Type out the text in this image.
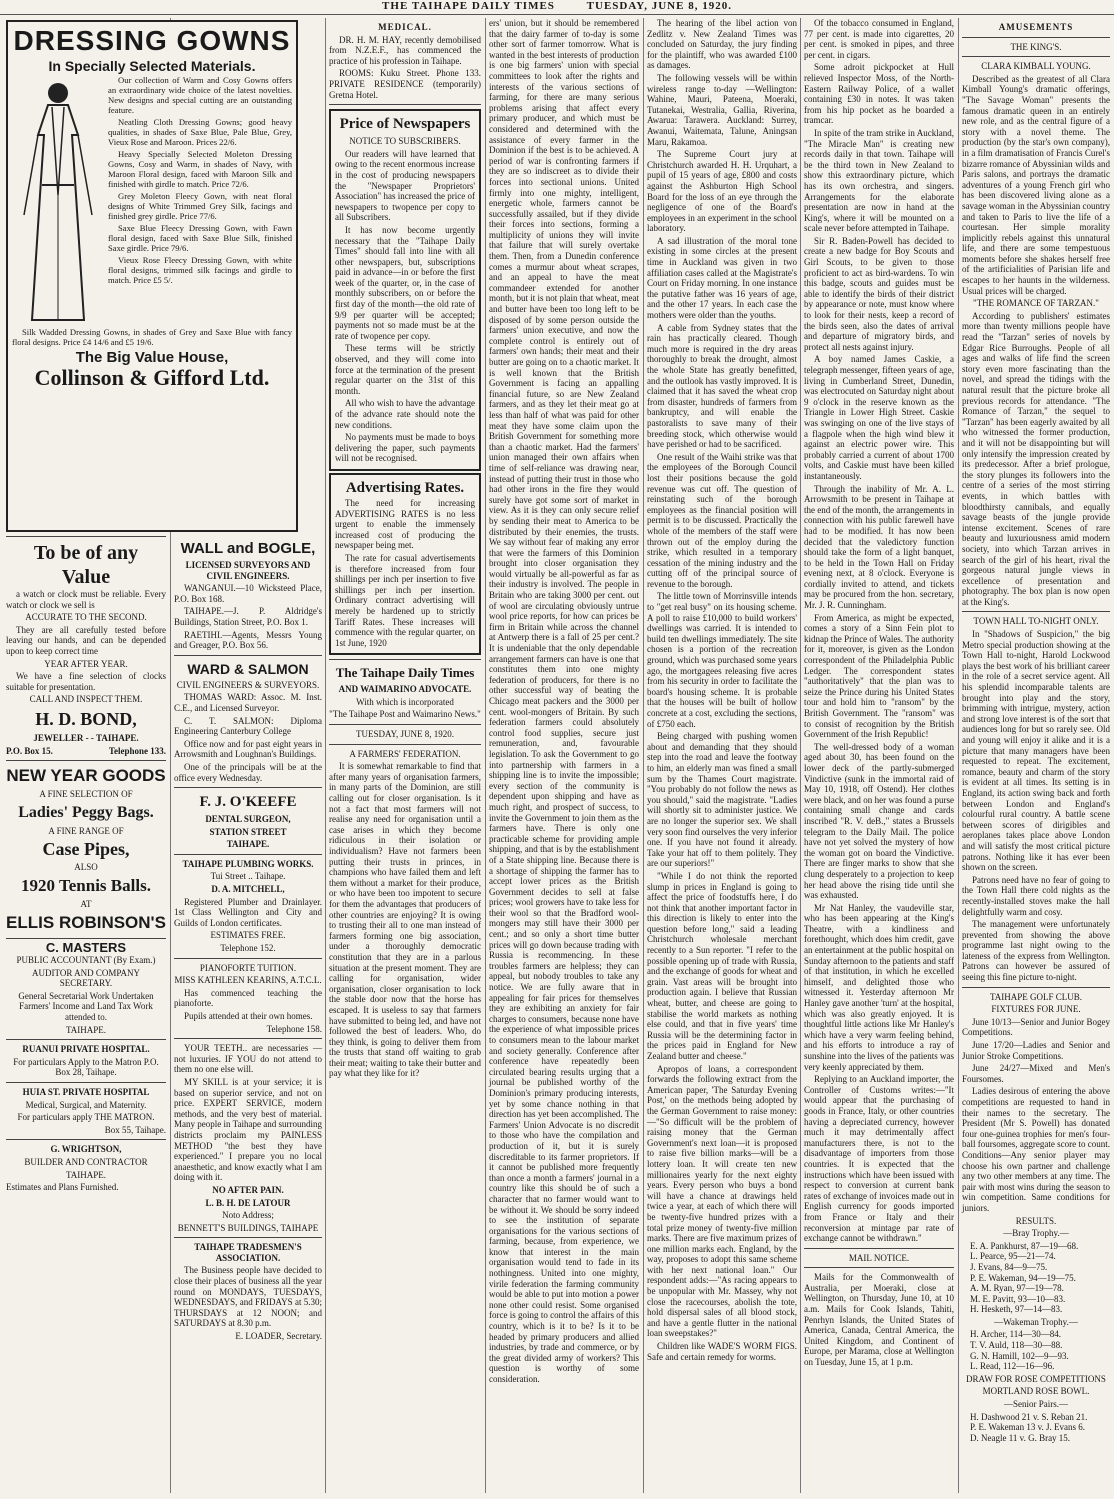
THE TAIHAPE DAILY TIMES	TUESDAY, JUNE 8, 1920.
DRESSING GOWNS
In Specially Selected Materials.

Our collection of Warm and Cosy Gowns offers an extraordinary wide choice of the latest novelties. New designs and special cutting are an outstanding feature.

Neatling Cloth Dressing Gowns; good heavy qualities, in shades of Saxe Blue, Pale Blue, Grey, Vieux Rose and Maroon. Prices 22/6.

Heavy Specially Selected Moleton Dressing Gowns, Cosy and Warm, in shades of Navy, with Maroon Floral design, faced with Maroon Silk and finished with girdle to match. Price 72/6.

Grey Moleton Fleecy Gown, with neat floral designs of White Trimmed Grey Silk, facings and finished grey girdle. Price 77/6.

Saxe Blue Fleecy Dressing Gown, with Fawn floral design, faced with Saxe Blue Silk, finished Saxe girdle. Price 79/6.

Vieux Rose Fleecy Dressing Gown, with white floral designs, trimmed silk facings and girdle to match. Price £5 5/.

Silk Wadded Dressing Gowns, in shades of Grey and Saxe Blue with fancy floral designs. Price £4 14/6 and £5 19/6.

The Big Value House,
Collinson & Gifford Ltd.
To be of any
Value

a watch or clock must be reliable. Every watch or clock we sell is

ACCURATE TO THE SECOND.

They are all carefully tested before leaving our hands, and can be depended upon to keep correct time

YEAR AFTER YEAR.

We have a fine selection of clocks suitable for presentation.

CALL AND INSPECT THEM.
H. D. BOND,
JEWELLER - - TAIHAPE.
P.O. Box 15.	Telephone 133.
NEW YEAR GOODS
A FINE SELECTION OF
Ladies' Peggy Bags.
A FINE RANGE OF
Case Pipes,
ALSO
1920 Tennis Balls.
AT
ELLIS ROBINSON'S
C. MASTERS
PUBLIC ACCOUNTANT (By Exam.)
AUDITOR AND COMPANY SECRETARY.
General Secretarial Work Undertaken Farmers' Income and Land Tax Work attended to.
TAIHAPE.
RUANUI PRIVATE HOSPITAL.
For particulars Apply to the Matron P.O. Box 28, Taihape.
HUIA ST. PRIVATE HOSPITAL
Medical, Surgical, and Maternity.
For particulars apply THE MATRON.
Box 55, Taihape.
G. WRIGHTSON,
BUILDER AND CONTRACTOR
TAIHAPE.
Estimates and Plans Furnished.
WALL and BOGLE,
LICENSED SURVEYORS AND CIVIL ENGINEERS.

WANGANUI.—10 Wicksteed Place, P.O. Box 168.

TAIHAPE.—J. P. Aldridge's Buildings, Station Street, P.O. Box 1.

RAETIHI.—Agents, Messrs Young and Greager, P.O. Box 56.

WARD & SALMON
CIVIL ENGINEERS & SURVEYORS.

THOMAS WARD: Assoc. M. Inst. C.E., and Licensed Surveyor.

C. T. SALMON: Diploma Engineering Canterbury College

Office now and for past eight years in Arrowsmith and Loughnan's Buildings.

One of the principals will be at the office every Wednesday.

F. J. O'KEEFE
DENTAL SURGEON,
STATION STREET
TAIHAPE.
TAIHAPE PLUMBING WORKS.
Tui Street .. Taihape.
D. A. MITCHELL,

Registered Plumber and Drainlayer. 1st Class Wellington and City and Guilds of London certificates.

ESTIMATES FREE.
Telephone 152.
PIANOFORTE TUITION.
MISS KATHLEEN KEARINS, A.T.C.L.

Has commenced teaching the pianoforte.

Pupils attended at their own homes.

Telephone 158.

YOUR TEETH.. are necessaries — not luxuries. IF YOU do not attend to them no one else will.

MY SKILL is at your service; it is based on superior service, and not on price. EXPERT SERVICE, modern methods, and the very best of material. Many people in Taihape and surrounding districts proclaim my PAINLESS METHOD "the best they have experienced." I prepare you no local anaesthetic, and know exactly what I am doing with it.

NO AFTER PAIN.
L. B. H. DE LATOUR
Noto Address;
BENNETT'S BUILDINGS, TAIHAPE
TAIHAPE TRADESMEN'S ASSOCIATION.

The Business people have decided to close their places of business all the year round on MONDAYS, TUESDAYS, WEDNESDAYS, and FRIDAYS at 5.30; THURSDAYS at 12 NOON; and SATURDAYS at 8.30 p.m.

E. LOADER, Secretary.
MEDICAL.

DR. H. M. HAY, recently demobilised from N.Z.E.F., has commenced the practice of his profession in Taihape.

ROOMS: Kuku Street. Phone 133. PRIVATE RESIDENCE (temporarily) Gretna Hotel.

Price of Newspapers
NOTICE TO SUBSCRIBERS.

Our readers will have learned that owing to the recent enormous increase in the cost of producing newspapers the "Newspaper Proprietors' Association" has increased the price of newspapers to twopence per copy to all Subscribers.

It has now become urgently necessary that the "Taihape Daily Times" should fall into line with all other newspapers, but, subscriptions paid in advance—in or before the first week of the quarter, or, in the case of monthly subscribers, on or before the first day of the month—the old rate of 9/9 per quarter will be accepted; payments not so made must be at the rate of twopence per copy.

These terms will be strictly observed, and they will come into force at the termination of the present regular quarter on the 31st of this month.

All who wish to have the advantage of the advance rate should note the new conditions.

No payments must be made to boys delivering the paper, such payments will not be recognised.

Advertising Rates.

The need for increasing ADVERTISING RATES is no less urgent to enable the immensely increased cost of producing the newspaper being met.

The rate for casual advertisements is therefore increased from four shillings per inch per insertion to five shillings per inch per insertion. Ordinary contract advertising will merely be hardened up to strictly Tariff Rates. These increases will commence with the regular quarter, on 1st June, 1920

The Taihape Daily Times
AND WAIMARINO ADVOCATE.
With which is incorporated
"The Taihape Post and Waimarino News."
TUESDAY, JUNE 8, 1920.
A FARMERS' FEDERATION.

It is somewhat remarkable to find that after many years of organisation farmers, in many parts of the Dominion, are still calling out for closer organisation. Is it not a fact that most farmers will not realise any need for organisation until a case arises in which they become ridiculous in their isolation or individualism? Have not farmers been putting their trusts in princes, in champions who have failed them and left them without a market for their produce, or who have been too impotent to secure for them the advantages that producers of other countries are enjoying? It is owing to trusting their all to one man instead of farmers forming one big association, under a thoroughly democratic constitution that they are in a parlous situation at the present moment. They are calling for organisation, wider organisation, closer organisation to lock the stable door now that the horse has escaped. It is useless to say that farmers have submitted to being led, and have not followed the best of leaders. Who, do they think, is going to deliver them from the trusts that stand off waiting to grab their meat; waiting to take their butter and pay what they like for it?

ers' union, but it should be remembered that the dairy farmer of to-day is some other sort of farmer tomorrow. What is wanted in the best interests of production is one big farmers' union with special committees to look after the rights and interests of the various sections of farming, for there are many serious problems arising that affect every primary producer, and which must be considered and determined with the assistance of every farmer in the Dominion if the best is to be achieved. A period of war is confronting farmers if they are so indiscreet as to divide their forces into sectional unions. United firmly into one mighty, intelligent, energetic whole, farmers cannot be successfully assailed, but if they divide their forces into sections, forming a multiplicity of unions they will invite that failure that will surely overtake them. Then, from a Dunedin conference comes a murmur about wheat scrapes, and an appeal to have the meat commandeer extended for another month, but it is not plain that wheat, meat and butter have been too long left to be disposed of by some person outside the farmers' union executive, and now the complete control is entirely out of farmers' own hands; their meat and their butter are going on to a chaotic market. It is well known that the British Government is facing an appalling financial future, so are New Zealand farmers, and as they let their meat go at less than half of what was paid for other meat they have some claim upon the British Government for something more than a chaotic market. Had the farmers' union managed their own affairs when time of self-reliance was drawing near, instead of putting their trust in those who had other irons in the fire they would surely have got some sort of market in view. As it is they can only secure relief by sending their meat to America to be distributed by their enemies, the trusts. We say without fear of making any error that were the farmers of this Dominion brought into closer organisation they would virtually be all-powerful as far as their industry is involved. The people in Britain who are taking 3000 per cent. out of wool are circulating obviously untrue wool price reports, for how can prices be firm in Britain while across the channel at Antwerp there is a fall of 25 per cent.? It is undeniable that the only dependable arrangement farmers can have is one that constitutes them into one mighty federation of producers, for there is no other successful way of beating the Chicago meat packers and the 3000 per cent. wool-mongers of Britain. By such federation farmers could absolutely control food supplies, secure just remuneration, and, favourable legislation. To ask the Government to go into partnership with farmers in a shipping line is to invite the impossible; every section of the community is dependent upon shipping and have as much right, and prospect of success, to invite the Government to join them as the farmers have. There is only one practicable scheme for providing ample shipping, and that is by the establishment of a State shipping line. Because there is a shortage of shipping the farmer has to accept lower prices as the British Government decides to sell at false prices; wool growers have to take less for their wool so that the Bradford wool-mongers may still have their 3000 per cent.; and so only a short time butter prices will go down because trading with Russia is recommencing. In these troubles farmers are helpless; they can appeal, but nobody troubles to take any notice. We are fully aware that in appealing for fair prices for themselves they are exhibiting an anxiety for fair charges to consumers, because none have the experience of what impossible prices to consumers mean to the labour market and society generally. Conference after conference have repeatedly been circulated bearing results urging that a journal be published worthy of the Dominion's primary producing interests, yet by some chance nothing in that direction has yet been accomplished. The Farmers' Union Advocate is no discredit to those who have the compilation and production of it, but it is surely discreditable to its farmer proprietors. If it cannot be published more frequently than once a month a farmers' journal in a country like this should be of such a character that no farmer would want to be without it. We should be sorry indeed to see the institution of separate organisations for the various sections of farming, because, from experience, we know that interest in the main organisation would tend to fade in its nothingness. United into one mighty, virile federation the farming community would be able to put into motion a power none other could resist. Some organised force is going to control the affairs of this country, which is it to be? Is it to be headed by primary producers and allied industries, by trade and commerce, or by the great divided army of workers? This question is worthy of some consideration.

The hearing of the libel action von Zedlitz v. New Zealand Times was concluded on Saturday, the jury finding for the plaintiff, who was awarded £100 as damages.

The following vessels will be within wireless range to-day —Wellington: Wahine, Mauri, Pateena, Moeraki, Tutanekai, Westralia, Gallia, Riverina, Awarua: Tarawera. Auckland: Surrey, Awanui, Waitemata, Talune, Aningsan Maru, Rakamoa.

The Supreme Court jury at Christchurch awarded H. H. Urquhart, a pupil of 15 years of age, £800 and costs against the Ashburton High School Board for the loss of an eye through the negligence of one of the Board's employees in an experiment in the school laboratory.

A sad illustration of the moral tone existing in some circles at the present time in Auckland was given in two affiliation cases called at the Magistrate's Court on Friday morning. In one instance the putative father was 16 years of age, and the other 17 years. In each case the mothers were older than the youths.

A cable from Sydney states that the rain has practically cleared. Though much more is required in the dry areas thoroughly to break the drought, almost the whole State has greatly benefitted, and the outlook has vastly improved. It is claimed that it has saved the wheat crop from disaster, hundreds of farmers from bankruptcy, and will enable the pastoralists to save many of their breeding stock, which otherwise would have perished or had to be sacrificed.

One result of the Waihi strike was that the employees of the Borough Council lost their positions because the gold revenue was cut off. The question of reinstating such of the borough employees as the financial position will permit is to be discussed. Practically the whole of the members of the staff were thrown out of the employ during the strike, which resulted in a temporary cessation of the mining industry and the cutting off of the principal source of revenue to the borough.

The little town of Morrinsville intends to "get real busy" on its housing scheme. A poll to raise £10,000 to build workers' dwellings was carried. It is intended to build ten dwellings immediately. The site chosen is a portion of the recreation ground, which was purchased some years ago, the mortgagees releasing five acres from his security in order to facilitate the board's housing scheme. It is probable that the houses will be built of hollow concrete at a cost, excluding the sections, of £750 each.

Being charged with pushing women about and demanding that they should step into the road and leave the footway to him, an elderly man was fined a small sum by the Thames Court magistrate. "You probably do not follow the news as you should," said the magistrate. "Ladies will shortly sit to administer justice. We are no longer the superior sex. We shall very soon find ourselves the very inferior one. If you have not found it already. Take your hat off to them politely. They are our superiors!"

"While I do not think the reported slump in prices in England is going to affect the price of foodstuffs here, I do not think that another important factor in this direction is likely to enter into the question before long," said a leading Christchurch wholesale merchant recently to a Sun reporter. "I refer to the possible opening up of trade with Russia, and the exchange of goods for wheat and grain. Vast areas will be brought into production again. I believe that Russian wheat, butter, and cheese are going to stabilise the world markets as nothing else could, and that in five years' time Russia will be the determining factor in the prices paid in England for New Zealand butter and cheese."

Apropos of loans, a correspondent forwards the following extract from the American paper, 'The Saturday Evening Post,' on the methods being adopted by the German Government to raise money:—"So difficult will be the problem of raising money that the German Government's next loan—it is proposed to raise five billion marks—will be a lottery loan. It will create ten new millionaires yearly for the next eighty years. Every person who buys a bond will have a chance at drawings held twice a year, at each of which there will be twenty-five hundred prizes with a total prize money of twenty-five million marks. There are five maximum prizes of one million marks each. England, by the way, proposes to adopt this same scheme with her next national loan." Our respondent adds:—"As racing appears to be unpopular with Mr. Massey, why not close the racecourses, abolish the tote, hold dispersal sales of all blood stock, and have a gentle flutter in the national loan sweepstakes?"

Children like WADE'S WORM FIGS. Safe and certain remedy for worms.

Of the tobacco consumed in England, 77 per cent. is made into cigarettes, 20 per cent. is smoked in pipes, and three per cent. in cigars.

Some adroit pickpocket at Hull relieved Inspector Moss, of the North-Eastern Railway Police, of a wallet containing £30 in notes. It was taken from his hip pocket as he boarded a tramcar.

In spite of the tram strike in Auckland, "The Miracle Man" is creating new records daily in that town. Taihape will be the third town in New Zealand to show this extraordinary picture, which has its own orchestra, and singers. Arrangements for the elaborate presentation are now in hand at the King's, where it will be mounted on a scale never before attempted in Taihape.

Sir R. Baden-Powell has decided to create a new badge for Boy Scouts and Girl Scouts, to be given to those proficient to act as bird-wardens. To win this badge, scouts and guides must be able to identify the birds of their district by appearance or note, must know where to look for their nests, keep a record of the birds seen, also the dates of arrival and departure of migratory birds, and protect all nests against injury.

A boy named James Caskie, a telegraph messenger, fifteen years of age, living in Cumberland Street, Dunedin, was electrocuted on Saturday night about 9 o'clock in the reserve known as the Triangle in Lower High Street. Caskie was swinging on one of the live stays of a flagpole when the high wind blew it against an electric power wire. This probably carried a current of about 1700 volts, and Caskie must have been killed instantaneously.

Through the inability of Mr. A. L. Arrowsmith to be present in Taihape at the end of the month, the arrangements in connection with his public farewell have had to be modified. It has now been decided that the valedictory function should take the form of a light banquet, to be held in the Town Hall on Friday evening next, at 8 o'clock. Everyone is cordially invited to attend, and tickets may be procured from the hon. secretary, Mr. J. R. Cunningham.

From America, as might be expected, comes a story of a Sinn Fein plot to kidnap the Prince of Wales. The authority for it, moreover, is given as the London correspondent of the Philadelphia Public Ledger. The correspondent states "authoritatively" that the plan was to seize the Prince during his United States tour and hold him to "ransom" by the British Government. The "ransom" was to consist of recognition by the British Government of the Irish Republic!

The well-dressed body of a woman aged about 30, has been found on the lower deck of the partly-submerged Vindictive (sunk in the immortal raid of May 10, 1918, off Ostend). Her clothes were black, and on her was found a purse containing small change and cards inscribed "R. V. deB.," states a Brussels telegram to the Daily Mail. The police have not yet solved the mystery of how the woman got on board the Vindictive. There are finger marks to show that she clung desperately to a projection to keep her head above the rising tide until she was exhausted.

Mr Nat Hanley, the vaudeville star, who has been appearing at the King's Theatre, with a kindliness and forethought, which does him credit, gave an entertainment at the public hospital on Sunday afternoon to the patients and staff of that institution, in which he excelled himself, and delighted those who witnessed it. Yesterday afternoon Mr Hanley gave another 'turn' at the hospital, which was also greatly enjoyed. It is thoughtful little actions like Mr Hanley's which have a very warm feeling behind, and his efforts to introduce a ray of sunshine into the lives of the patients was very keenly appreciated by them.

Replying to an Auckland importer, the Controller of Customs writes:—"It would appear that the purchasing of goods in France, Italy, or other countries having a depreciated currency, however much it may detrimentally affect manufacturers there, is not to the disadvantage of importers from those countries. It is expected that the instructions which have been issued with respect to conversion at current bank rates of exchange of invoices made out in English currency for goods imported from France or Italy and their reconversion at mintage par rate of exchange cannot be withdrawn."

MAIL NOTICE.

Mails for the Commonwealth of Australia, per Moeraki, close at Wellington, on Thursday, June 10, at 10 a.m. Mails for Cook Islands, Tahiti, Penrhyn Islands, the United States of America, Canada, Central America, the United Kingdom, and Continent of Europe, per Marama, close at Wellington on Tuesday, June 15, at 1 p.m.

AMUSEMENTS
THE KING'S.
CLARA KIMBALL YOUNG.

Described as the greatest of all Clara Kimball Young's dramatic offerings, "The Savage Woman" presents the famous dramatic queen in an entirely new role, and as the central figure of a story with a novel theme. The production (by the star's own company), in a film dramatisation of Francis Curel's bizarre romance of Abyssinian wilds and Paris salons, and portrays the dramatic adventures of a young French girl who has been discovered living alone as a savage woman in the Abyssinian country and taken to Paris to live the life of a courtesan. Her simple morality implicitly rebels against this unnatural life, and there are some tempestuous moments before she shakes herself free of the artificialities of Parisian life and escapes to her haunts in the wilderness. Usual prices will be charged.

"THE ROMANCE OF TARZAN."

According to publishers' estimates more than twenty millions people have read the "Tarzan" series of novels by Edgar Rice Burroughs. People of all ages and walks of life find the screen story even more fascinating than the novel, and spread the tidings with the natural result that the picture broke all previous records for attendance. "The Romance of Tarzan," the sequel to "Tarzan" has been eagerly awaited by all who witnessed the former production, and it will not be disappointing but will only intensify the impression created by its predecessor. After a brief prologue, the story plunges its followers into the centre of a series of the most stirring events, in which battles with bloodthirsty cannibals, and equally savage beasts of the jungle provide intense excitement. Scenes of rare beauty and luxuriousness amid modern society, into which Tarzan arrives in search of the girl of his heart, rival the gorgeous natural jungle views in excellence of presentation and photography. The box plan is now open at the King's.

TOWN HALL TO-NIGHT ONLY.

In "Shadows of Suspicion," the big Metro special production showing at the Town Hall to-night, Harold Lockwood plays the best work of his brilliant career in the role of a secret service agent. All his splendid incomparable talents are brought into play and the story, brimming with intrigue, mystery, action and strong love interest is of the sort that audiences long for but so rarely see. Old and young will enjoy it alike and it is a picture that many managers have been requested to repeat. The excitement, romance, beauty and charm of the story is evident at all times. Its setting is in England, its action swing back and forth between London and England's colourful rural country. A battle scene between scores of dirigibles and aeroplanes takes place above London and will satisfy the most critical picture patrons. Nothing like it has ever been shown on the screen.

Patrons need have no fear of going to the Town Hall there cold nights as the recently-installed stoves make the hall delightfully warm and cosy.

The management were unfortunately prevented from showing the above programme last night owing to the lateness of the express from Wellington. Patrons can however be assured of seeing this fine picture to-night.

TAIHAPE GOLF CLUB.
FIXTURES FOR JUNE.

June 10/13—Senior and Junior Bogey Competitions.

June 17/20—Ladies and Senior and Junior Stroke Competitions.

June 24/27—Mixed and Men's Foursomes.

Ladies desirous of entering the above competitions are requested to hand in their names to the secretary. The President (Mr S. Powell) has donated four one-guinea trophies for men's four-ball foursomes, aggregate score to count. Conditions—Any senior player may choose his own partner and challenge any two other members at any time. The pair with most wins during the season to win competition. Same conditions for juniors.

RESULTS.
—Bray Trophy.—
E. A. Pankhurst, 87—19—68.
L. Pearce, 95—21—74.
J. Evans, 84—9—75.
P. E. Wakeman, 94—19—75.
A. M. Ryan, 97—19—78.
M. E. Pavitt, 93—10—83.
H. Hesketh, 97—14—83.
—Wakeman Trophy.—
H. Archer, 114—30—84.
T. V. Auld, 118—30—88.
G. N. Hamill, 102—9—93.
L. Read, 112—16—96.
DRAW FOR ROSE COMPETITIONS
MORTLAND ROSE BOWL.
—Senior Pairs.—
H. Dashwood 21 v. S. Reban 21.
P. E. Wakeman 13 v. J. Evans 6.
D. Neagle 11 v. G. Bray 15.
